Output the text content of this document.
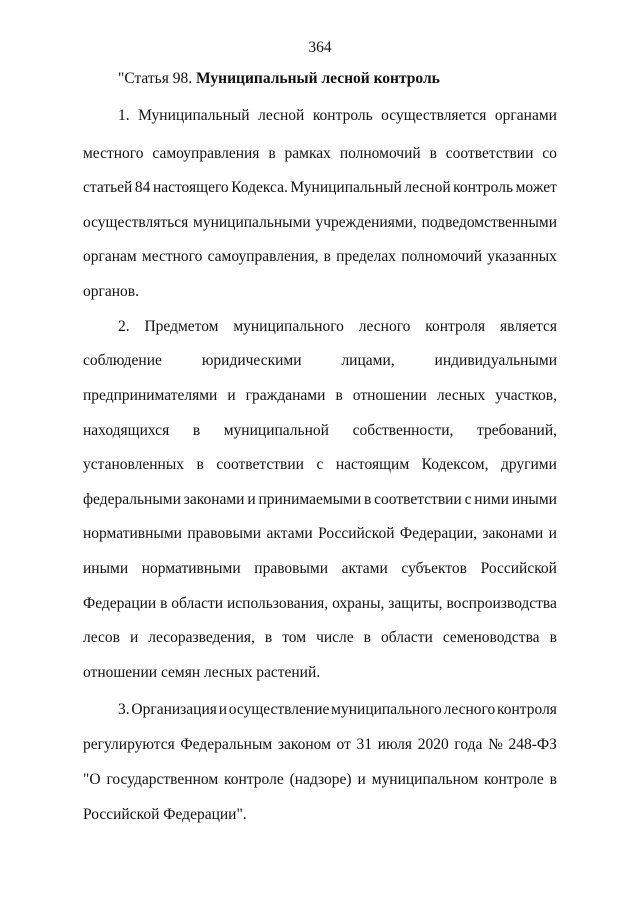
364
"Статья 98. Муниципальный лесной контроль
1. Муниципальный лесной контроль осуществляется органами
местного самоуправления в рамках полномочий в соответствии со
статьей 84 настоящего Кодекса. Муниципальный лесной контроль может
осуществляться муниципальными учреждениями, подведомственными
органам местного самоуправления, в пределах полномочий указанных
органов.
2. Предметом муниципального лесного контроля является
соблюдение	юридическими	лицами,	индивидуальными
предпринимателями и гражданами в отношении лесных участков,
находящихся в муниципальной собственности, требований,
установленных в соответствии с настоящим Кодексом, другими
федеральными законами и принимаемыми в соответствии с ними иными
нормативными правовыми актами Российской Федерации, законами и
иными нормативными правовыми актами субъектов Российской
Федерации в области использования, охраны, защиты, воспроизводства
лесов и лесоразведения, в том числе в области семеноводства в
отношении семян лесных растений.
3. Организация и осуществление муниципального лесного контроля
регулируются Федеральным законом от 31 июля 2020 года № 248-ФЗ
"О государственном контроле (надзоре) и муниципальном контроле в
Российской Федерации".
